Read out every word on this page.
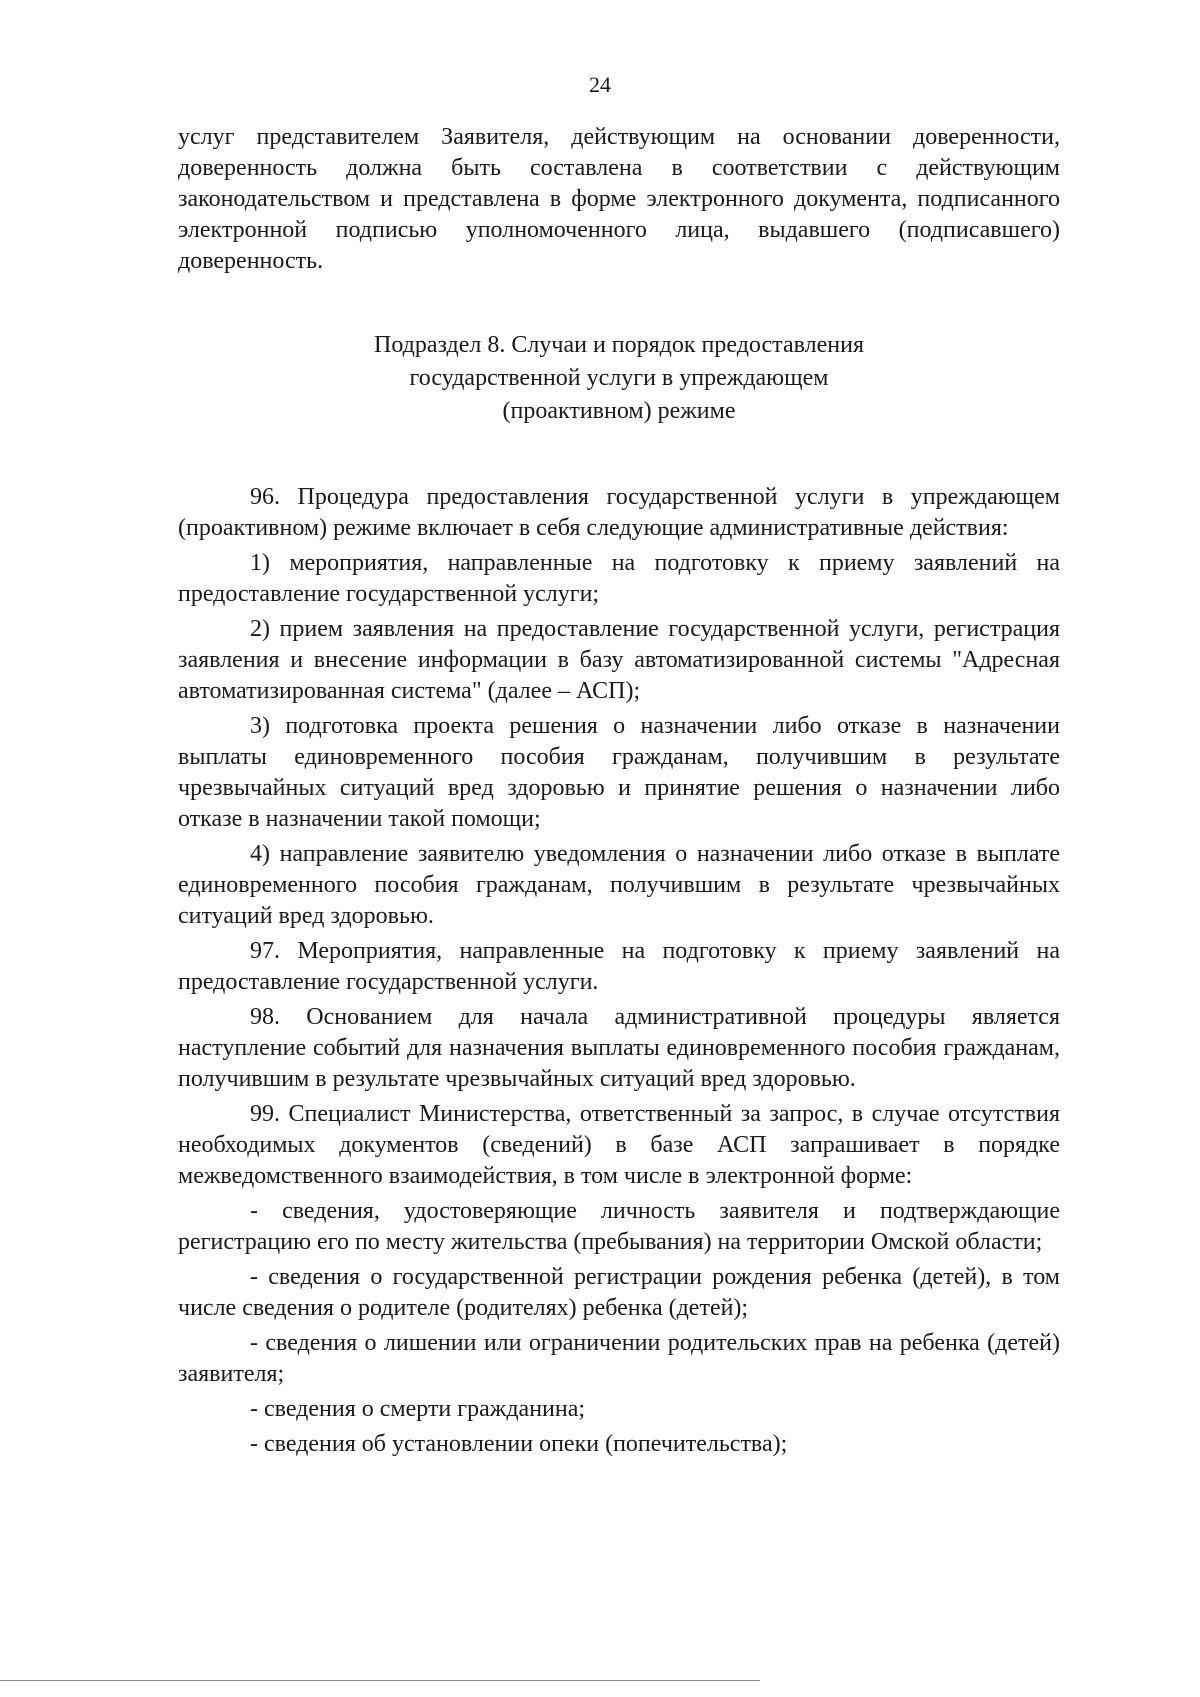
24

услуг представителем Заявителя, действующим на основании доверенности, доверенность должна быть составлена в соответствии с действующим законодательством и представлена в форме электронного документа, подписанного электронной подписью уполномоченного лица, выдавшего (подписавшего) доверенность.

Подраздел 8. Случаи и порядок предоставления
государственной услуги в упреждающем
(проактивном) режиме

96. Процедура предоставления государственной услуги в упреждающем (проактивном) режиме включает в себя следующие административные действия:

1) мероприятия, направленные на подготовку к приему заявлений на предоставление государственной услуги;

2) прием заявления на предоставление государственной услуги, регистрация заявления и внесение информации в базу автоматизированной системы "Адресная автоматизированная система" (далее – АСП);

3) подготовка проекта решения о назначении либо отказе в назначении выплаты единовременного пособия гражданам, получившим в результате чрезвычайных ситуаций вред здоровью и принятие решения о назначении либо отказе в назначении такой помощи;

4) направление заявителю уведомления о назначении либо отказе в выплате единовременного пособия гражданам, получившим в результате чрезвычайных ситуаций вред здоровью.

97. Мероприятия, направленные на подготовку к приему заявлений на предоставление государственной услуги.

98. Основанием для начала административной процедуры является наступление событий для назначения выплаты единовременного пособия гражданам, получившим в результате чрезвычайных ситуаций вред здоровью.

99. Специалист Министерства, ответственный за запрос, в случае отсутствия необходимых документов (сведений) в базе АСП запрашивает в порядке межведомственного взаимодействия, в том числе в электронной форме:

- сведения, удостоверяющие личность заявителя и подтверждающие регистрацию его по месту жительства (пребывания) на территории Омской области;

- сведения о государственной регистрации рождения ребенка (детей), в том числе сведения о родителе (родителях) ребенка (детей);

- сведения о лишении или ограничении родительских прав на ребенка (детей) заявителя;

- сведения о смерти гражданина;

- сведения об установлении опеки (попечительства);
